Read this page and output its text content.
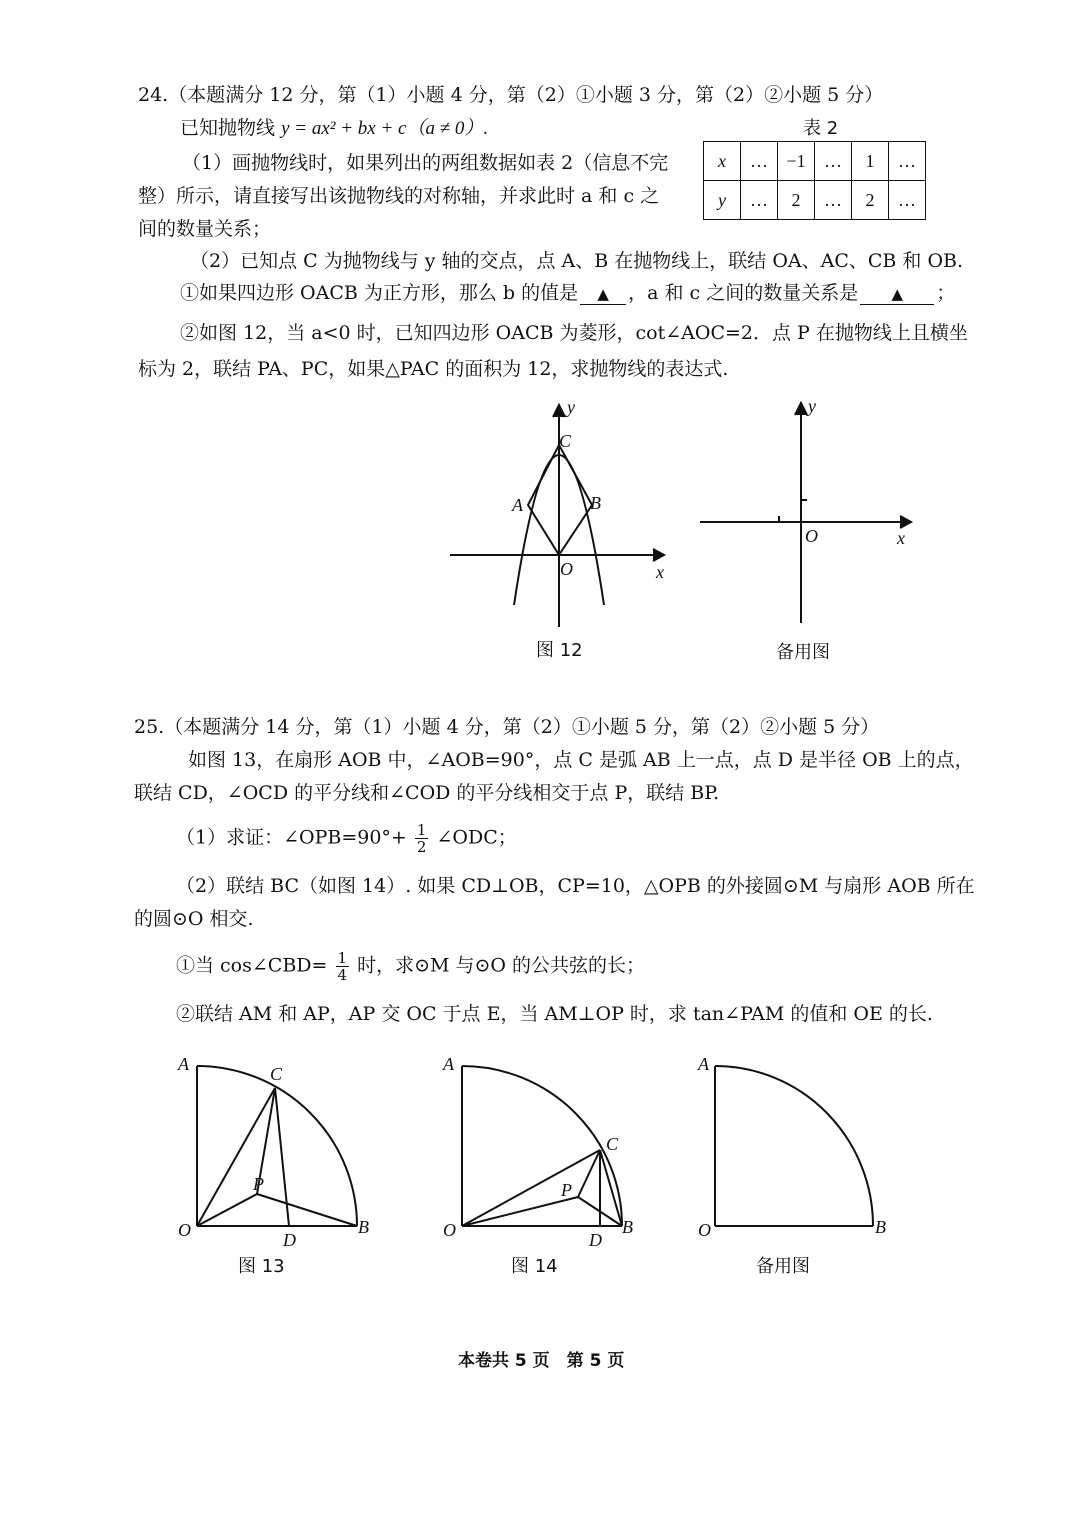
24.（本题满分 12 分，第（1）小题 4 分，第（2）①小题 3 分，第（2）②小题 5 分）
已知抛物线 y = ax² + bx + c（a ≠ 0）.
（1）画抛物线时，如果列出的两组数据如表 2（信息不完
整）所示，请直接写出该抛物线的对称轴，并求此时 a 和 c 之
间的数量关系；
表 2
x	…	−1	…	1	…
y	…	2	…	2	…
（2）已知点 C 为抛物线与 y 轴的交点，点 A、B 在抛物线上，联结 OA、AC、CB 和 OB.
①如果四边形 OACB 为正方形，那么 b 的值是 ▲ ，a 和 c 之间的数量关系是 ▲ ；
②如图 12，当 a<0 时，已知四边形 OACB 为菱形，cot∠AOC=2．点 P 在抛物线上且横坐
标为 2，联结 PA、PC，如果△PAC 的面积为 12，求抛物线的表达式.
y
x
C
A	B
O
图 12
y
x
O
备用图
25.（本题满分 14 分，第（1）小题 4 分，第（2）①小题 5 分，第（2）②小题 5 分）
如图 13，在扇形 AOB 中，∠AOB=90°，点 C 是弧 AB 上一点，点 D 是半径 OB 上的点，
联结 CD，∠OCD 的平分线和∠COD 的平分线相交于点 P，联结 BP.
（1）求证：∠OPB=90°+ $\frac{1}{2}$ ∠ODC；
（2）联结 BC（如图 14）. 如果 CD⊥OB，CP=10，△OPB 的外接圆⊙M 与扇形 AOB 所在
的圆⊙O 相交.
①当 cos∠CBD= $\frac{1}{4}$ 时，求⊙M 与⊙O 的公共弦的长；
②联结 AM 和 AP，AP 交 OC 于点 E，当 AM⊥OP 时，求 tan∠PAM 的值和 OE 的长.
A	C
P
O	D
B
图 13
A
C
P
O	D
B
图 14
A
O	B
备用图
本卷共 5 页　第 5 页
